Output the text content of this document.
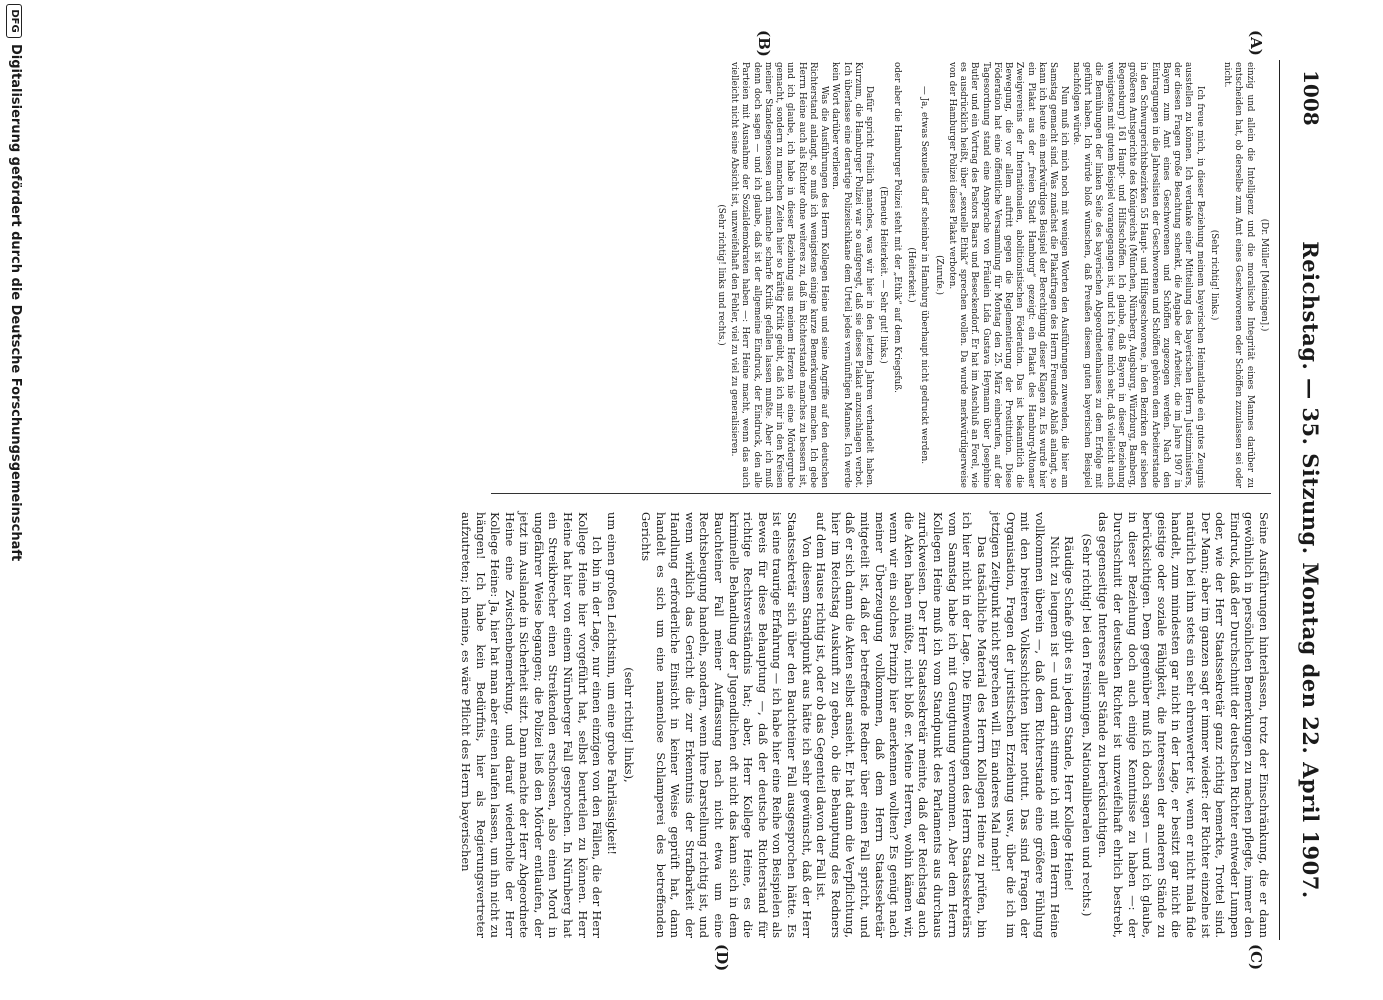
1008
Reichstag. — 35. Sitzung. Montag den 22. April 1907.
(A)
(B)
(C)
(D)

(Dr. Müller [Meiningen].)

einzig und allein die Intelligenz und die moralische Integrität eines Mannes darüber zu entscheiden hat, ob derselbe zum Amt eines Geschworenen oder Schöffen zuzulassen sei oder nicht.

(Sehr richtig! links.)

Ich freue mich, in dieser Beziehung meinem bayerischen Heimatlande ein gutes Zeugnis ausstellen zu können. Ich verdanke einer Mitteilung des bayerischen Herrn Justizministers, der diesen Fragen große Beachtung schenkt, die Angabe der Arbeiter, die im Jahre 1907 in Bayern zum Amt eines Geschworenen und Schöffen zugezogen werden. Nach den Eintragungen in die Jahreslisten der Geschworenen und Schöffen gehören dem Arbeiterstande in den Schwurgerichtsbezirken 55 Haupt- und Hilfsgeschworene, in den Bezirken der sieben größeren Amtsgerichte des Königreichs (München, Nürnberg, Augsburg, Würzburg, Bamberg, Regensburg) 161 Haupt- und Hilfsschöffen. Ich glaube, daß Bayern in dieser Beziehung wenigstens mit gutem Beispiel vorangegangen ist, und ich freue mich sehr, daß vielleicht auch die Bemühungen der linken Seite des bayerischen Abgeordnetenhauses zu dem Erfolge mit geführt haben. Ich würde bloß wünschen, daß Preußen diesem guten bayerischen Beispiel nachfolgen würde.

Nun muß ich mich noch mit wenigen Worten den Ausführungen zuwenden, die hier am Samstag gemacht sind. Was zunächst die Plakatfragen des Herrn Freundes Ablaß anlangt, so kann ich heute ein merkwürdiges Beispiel der Berechtigung dieser Klagen zu. Es wurde hier ein Plakat aus der „freien Stadt Hamburg“ gezeigt: ein Plakat des Hamburg-Altonaer Zweigvereins der Internationalen, abolitionistischen Föderation. Das ist bekanntlich die Bewegung, die vor allem auftritt gegen die Reglementierung der Prostitution. Diese Föderation hat eine öffentliche Versammlung für Montag den 25. März einberufen, auf der Tagesordnung stand eine Ansprache von Fräulein Lida Gustava Heymann über Josephine Butler und ein Vortrag des Pastors Baars und Beseckendorf. Er hat im Anschluß an Forel, wie es ausdrücklich heißt, über „sexuelle Ethik“ sprechen wollen. Da wurde merkwürdigerweise von der Hamburger Polizei dieses Plakat verboten.

(Zurufe.)

— Ja, etwas Sexuelles darf scheinbar in Hamburg überhaupt nicht gedruckt werden.

(Heiterkeit.)

oder aber die Hamburger Polizei steht mit der „Ethik“ auf dem Kriegsfuß.

(Erneute Heiterkeit. — Sehr gut! links.)

Dafür spricht freilich manches, was wir hier in den letzten Jahren verhandelt haben. Kurzum, die Hamburger Polizei war so aufgeregt, daß sie dieses Plakat anzuschlagen verbot. Ich überlasse eine derartige Polizeischikane dem Urteil jedes vernünftigen Mannes. Ich werde kein Wort darüber verlieren.

Was die Ausführungen des Herrn Kollegen Heine und seine Angriffe auf den deutschen Richterstand anlangt, so muß ich wenigstens einige kurze Bemerkungen machen. Ich gebe Herrn Heine auch als Richter ohne weiteres zu, daß im Richterstande manches zu bessern ist, und ich glaube, ich habe in dieser Beziehung aus meinem Herzen nie eine Mördergrube gemacht, sondern zu manchen Zeiten hier so kräftig Kritik geübt, daß ich mir in den Kreisen meiner Standesgenossen auch manche scharfe Kritik gefallen lassen mußte. Aber ich muß denn doch sagen — und ich glaube, daß ist der allgemeine Eindruck, der Eindruck, den alle Parteien mit Ausnahme der Sozialdemokraten haben —: Herr Heine macht, wenn das auch vielleicht nicht seine Absicht ist, unzweifelhaft den Fehler, viel zu viel zu generalisieren.

(Sehr richtig! links und rechts.)

Seine Ausführungen hinterlassen, trotz der Einschränkung, die er dann gewöhnlich in persönlichen Bemerkungen zu machen pflegte, immer den Eindruck, daß der Durchschnitt der deutschen Richter entweder Lumpen oder, wie der Herr Staatssekretär ganz richtig bemerkte, Trottel sind. Der Mann; aber im ganzen sagt er immer wieder: der Richter einzelne ist natürlich bei ihm stets ein sehr ehrenwerter ist, wenn er nicht mala fide handelt, zum mindesten gar nicht in der Lage, er besitzt gar nicht die geistige oder soziale Fähigkeit, die Interessen der anderen Stände zu berücksichtigen. Dem gegenüber muß ich doch sagen — und ich glaube, in dieser Beziehung doch auch einige Kenntnisse zu haben —: der Durchschnitt der deutschen Richter ist unzweifelhaft ehrlich bestrebt, das gegenseitige Interesse aller Stände zu berücksichtigen.

(Sehr richtig! bei den Freisinnigen, Nationalliberalen und rechts.)

Räudige Schafe gibt es in jedem Stande, Herr Kollege Heine!

Nicht zu leugnen ist — und darin stimme ich mit dem Herrn Heine vollkommen überein —, daß dem Richterstande eine größere Fühlung mit den breiteren Volksschichten bitter nottut. Das sind Fragen der Organisation, Fragen der juristischen Erziehung usw., über die ich im jetzigen Zeitpunkt nicht sprechen will. Ein anderes Mal mehr!

Das tatsächliche Material des Herrn Kollegen Heine zu prüfen, bin ich hier nicht in der Lage. Die Einwendungen des Herrn Staatssekretärs vom Samstag habe ich mit Genugtuung vernommen. Aber dem Herrn Kollegen Heine muß ich vom Standpunkt des Parlaments aus durchaus zurückweisen. Der Herr Staatssekretär meinte, daß der Reichstag auch die Akten haben müßte, nicht bloß er. Meine Herren, wohin kämen wir, wenn wir ein solches Prinzip hier anerkennen wollten? Es genügt nach meiner Überzeugung vollkommen, daß dem Herrn Staatssekretär mitgeteilt ist, daß der betreffende Redner über einen Fall spricht, und daß er sich dann die Akten selbst ansieht. Er hat dann die Verpflichtung, hier im Reichstag Auskunft zu geben, ob die Behauptung des Redners auf dem Hause richtig ist, oder ob das Gegenteil davon der Fall ist.

Von diesem Standpunkt aus hätte ich sehr gewünscht, daß der Herr Staatssekretär sich über den Bauchteiner Fall ausgesprochen hätte. Es ist eine traurige Erfahrung — ich habe hier eine Reihe von Beispielen als Beweis für diese Behauptung —, daß der deutsche Richterstand für richtige Rechtsverständnis hat; aber, Herr Kollege Heine, es die kriminelle Behandlung der Jugendlichen oft nicht das kann sich in dem Bauchteiner Fall meiner Auffassung nach nicht etwa um eine Rechtsbeugung handeln, sondern, wenn Ihre Darstellung richtig ist, und wenn wirklich das Gericht die zur Erkenntnis der Strafbarkeit der Handlung erforderliche Einsicht in keiner Weise geprüft hat, dann handelt es sich um eine namenlose Schlamperei des betreffenden Gerichts

(sehr richtig! links),

um einen großen Leichtsinn, um eine grobe Fahrlässigkeit!

Ich bin in der Lage, nur einen einzigen von den Fällen, die der Herr Kollege Heine hier vorgeführt hat, selbst beurteilen zu können. Herr Heine hat hier von einem Nürnberger Fall gesprochen. In Nürnberg hat ein Streikbrecher einen Streikenden erschossen, also einen Mord in ungefährer Weise begangen; die Polizei ließ den Mörder entlaufen, der jetzt im Auslande in Sicherheit sitzt. Dann machte der Herr Abgeordnete Heine eine Zwischenbemerkung, und darauf wiederholte der Herr Kollege Heine: Ja, hier hat man aber einen laufen lassen, um ihn nicht zu hängen! Ich habe kein Bedürfnis, hier als Regierungsvertreter aufzutreten; ich meine, es wäre Pflicht des Herrn bayerischen

DFG
Digitalisierung gefördert durch die Deutsche Forschungsgemeinschaft
